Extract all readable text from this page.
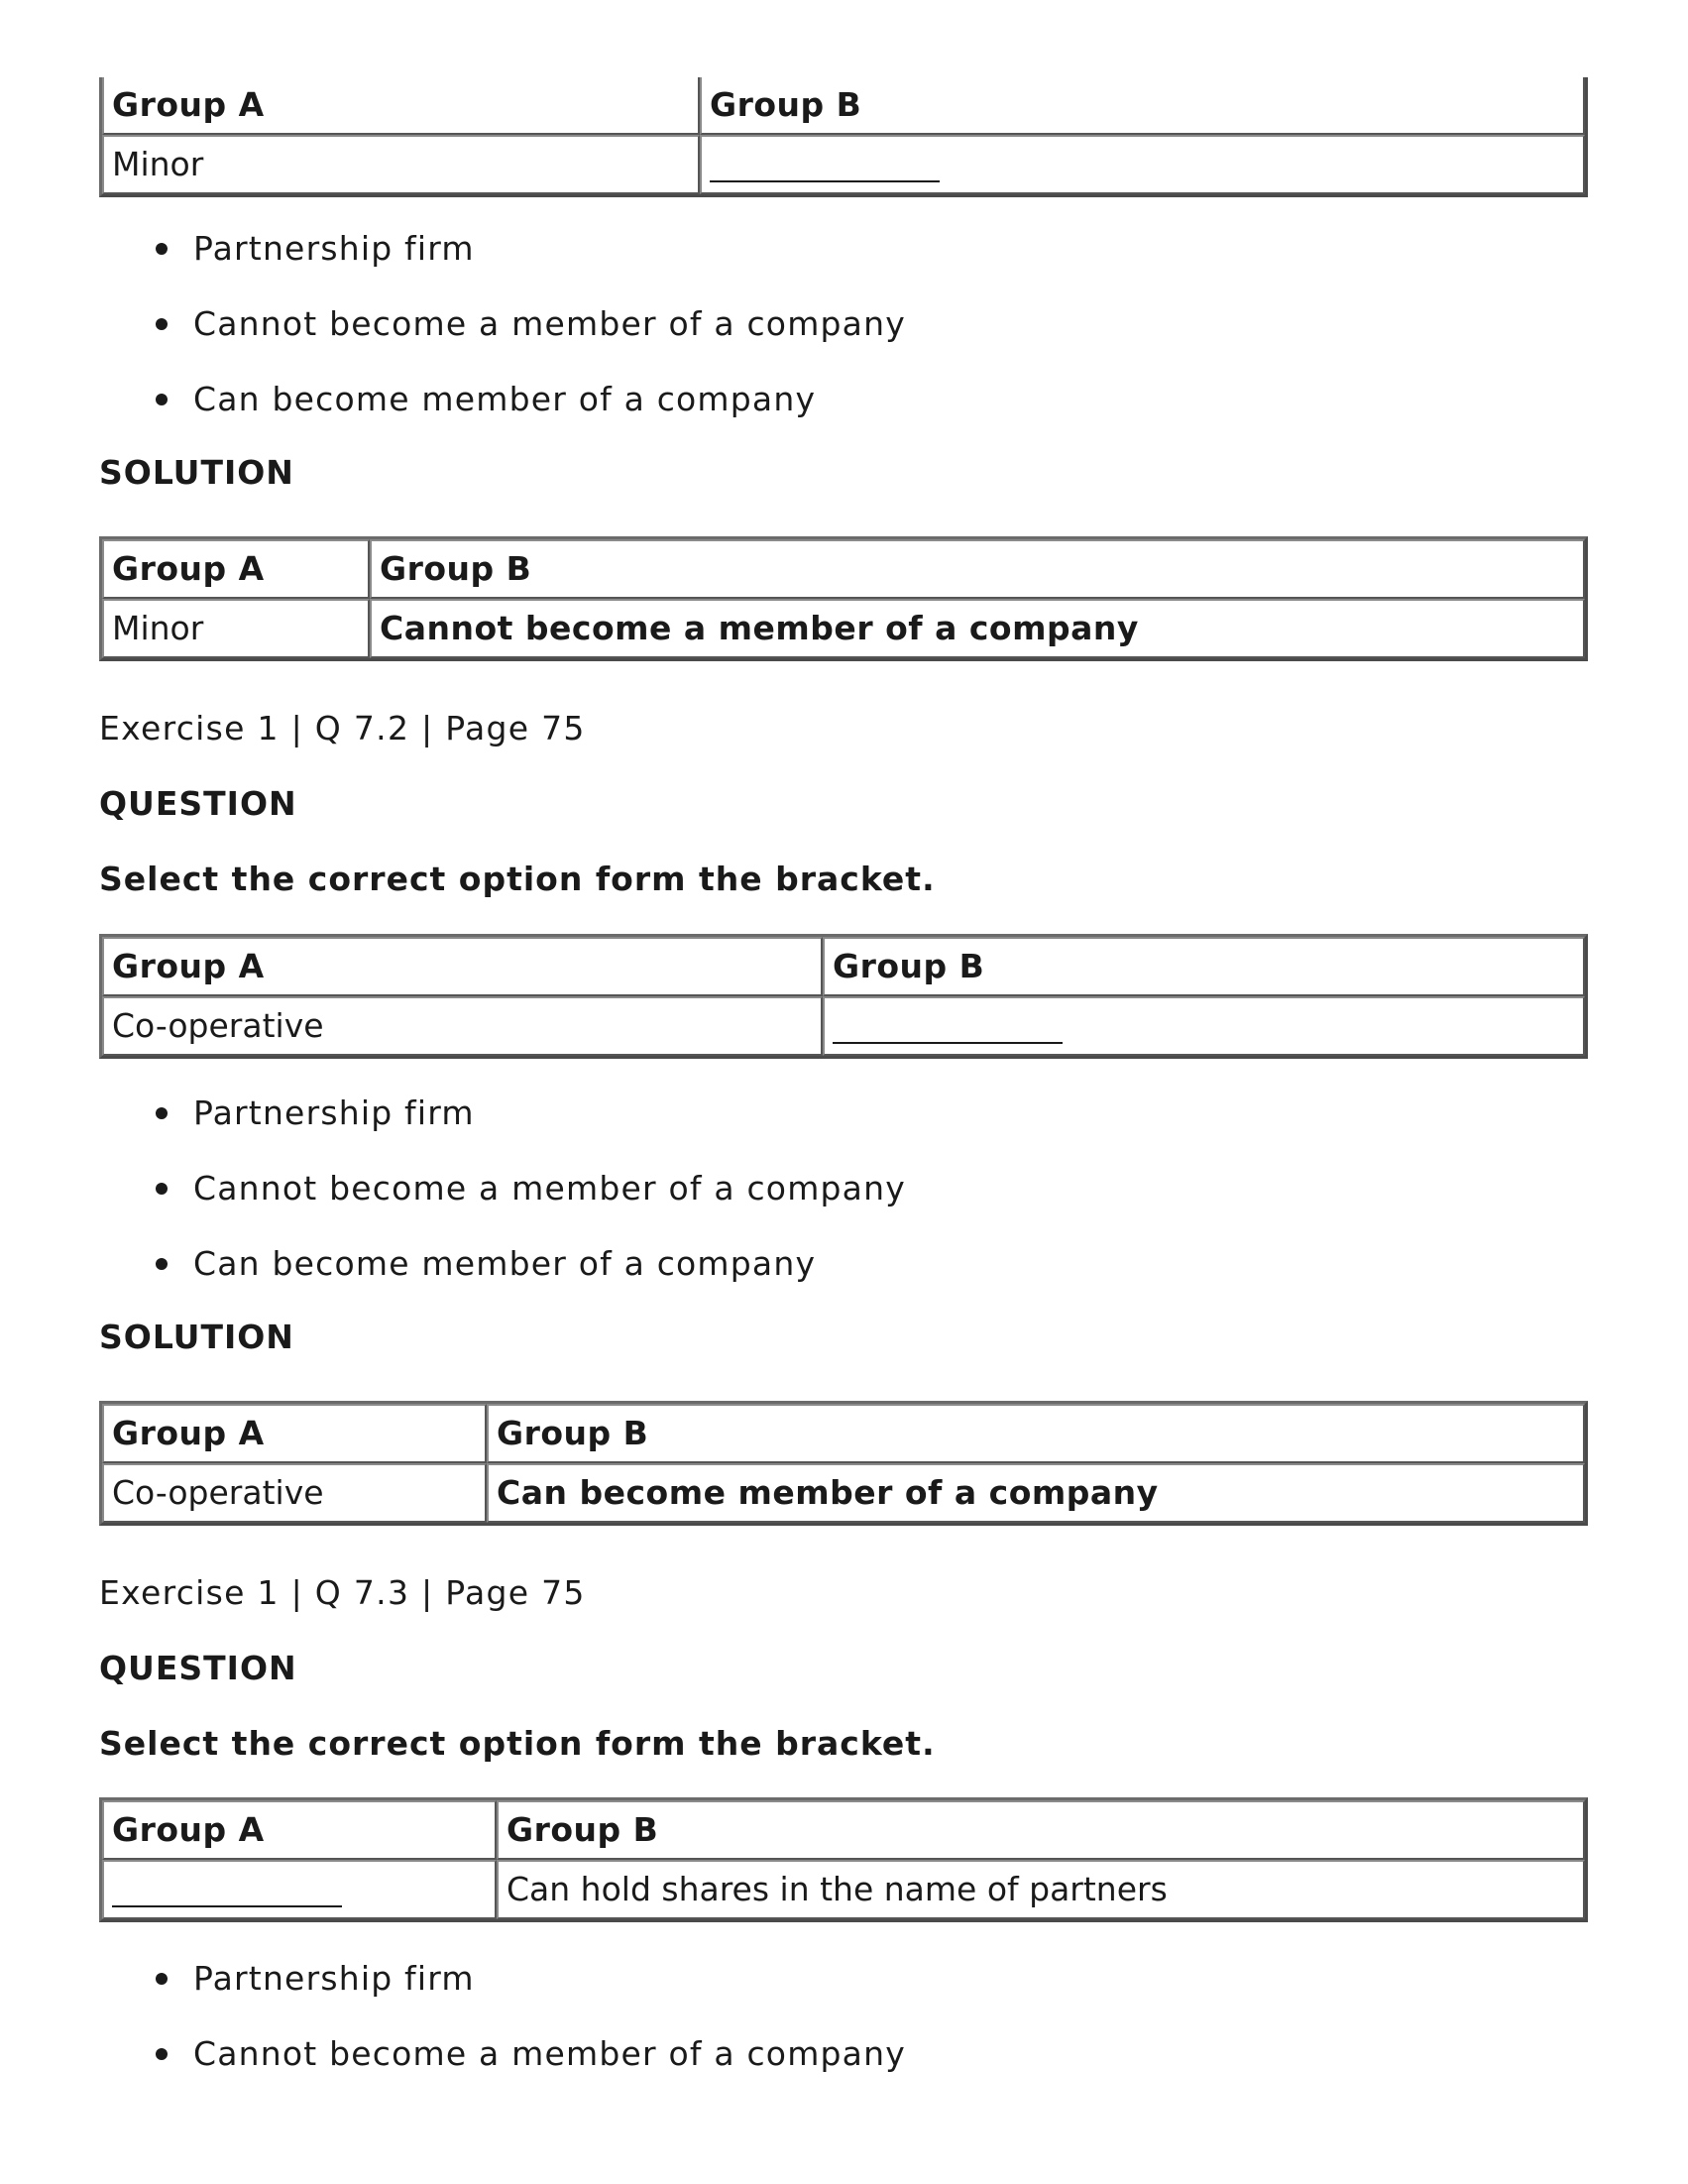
Group A	Group B
Minor	
Partnership firm
Cannot become a member of a company
Can become member of a company
SOLUTION
Group A	Group B
Minor	Cannot become a member of a company
Exercise 1 | Q 7.2 | Page 75
QUESTION
Select the correct option form the bracket.
Group A	Group B
Co-operative	
Partnership firm
Cannot become a member of a company
Can become member of a company
SOLUTION
Group A	Group B
Co-operative	Can become member of a company
Exercise 1 | Q 7.3 | Page 75
QUESTION
Select the correct option form the bracket.
Group A	Group B
	Can hold shares in the name of partners
Partnership firm
Cannot become a member of a company
